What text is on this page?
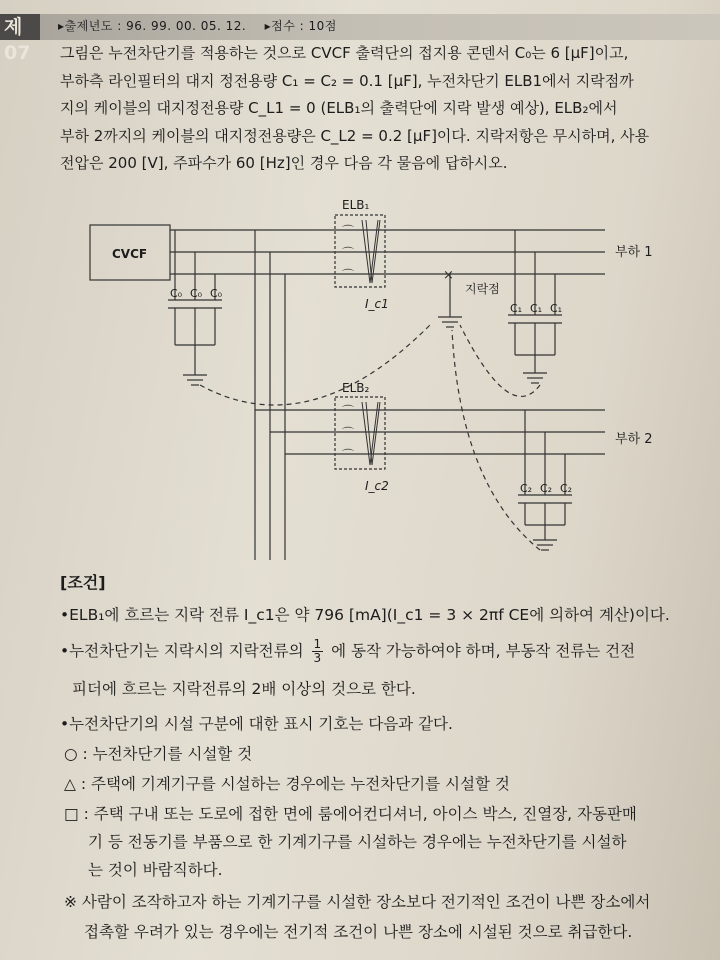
제07
▸출제년도 : 96. 99. 00. 05. 12. ▸점수 : 10점
그림은 누전차단기를 적용하는 것으로 CVCF 출력단의 접지용 콘덴서 C₀는 6 [μF]이고,
부하측 라인필터의 대지 정전용량 C₁ = C₂ = 0.1 [μF], 누전차단기 ELB1에서 지락점까
지의 케이블의 대지정전용량 C_L1 = 0 (ELB₁의 출력단에 지락 발생 예상), ELB₂에서
부하 2까지의 케이블의 대지정전용량은 C_L2 = 0.2 [μF]이다. 지락저항은 무시하며, 사용
전압은 200 [V], 주파수가 60 [Hz]인 경우 다음 각 물음에 답하시오.
⌒
⌒
⌒
⌒
⌒
⌒
×
CVCF
ELB₁
ELB₂
부하 1
부하 2
지락점
I_c1
I_c2
C₀ C₀ C₀
C₁ C₁ C₁
C₂ C₂ C₂
[조건]
•ELB₁에 흐르는 지락 전류 I_c1은 약 796 [mA](I_c1 = 3 × 2πf CE에 의하여 계산)이다.
•누전차단기는 지락시의 지락전류의 $\frac{1}{3}$ 에 동작 가능하여야 하며, 부동작 전류는 건전
피더에 흐르는 지락전류의 2배 이상의 것으로 한다.
•누전차단기의 시설 구분에 대한 표시 기호는 다음과 같다.
○ : 누전차단기를 시설할 것
△ : 주택에 기계기구를 시설하는 경우에는 누전차단기를 시설할 것
□ : 주택 구내 또는 도로에 접한 면에 룸에어컨디셔너, 아이스 박스, 진열장, 자동판매
기 등 전동기를 부품으로 한 기계기구를 시설하는 경우에는 누전차단기를 시설하
는 것이 바람직하다.
※ 사람이 조작하고자 하는 기계기구를 시설한 장소보다 전기적인 조건이 나쁜 장소에서
접촉할 우려가 있는 경우에는 전기적 조건이 나쁜 장소에 시설된 것으로 취급한다.
